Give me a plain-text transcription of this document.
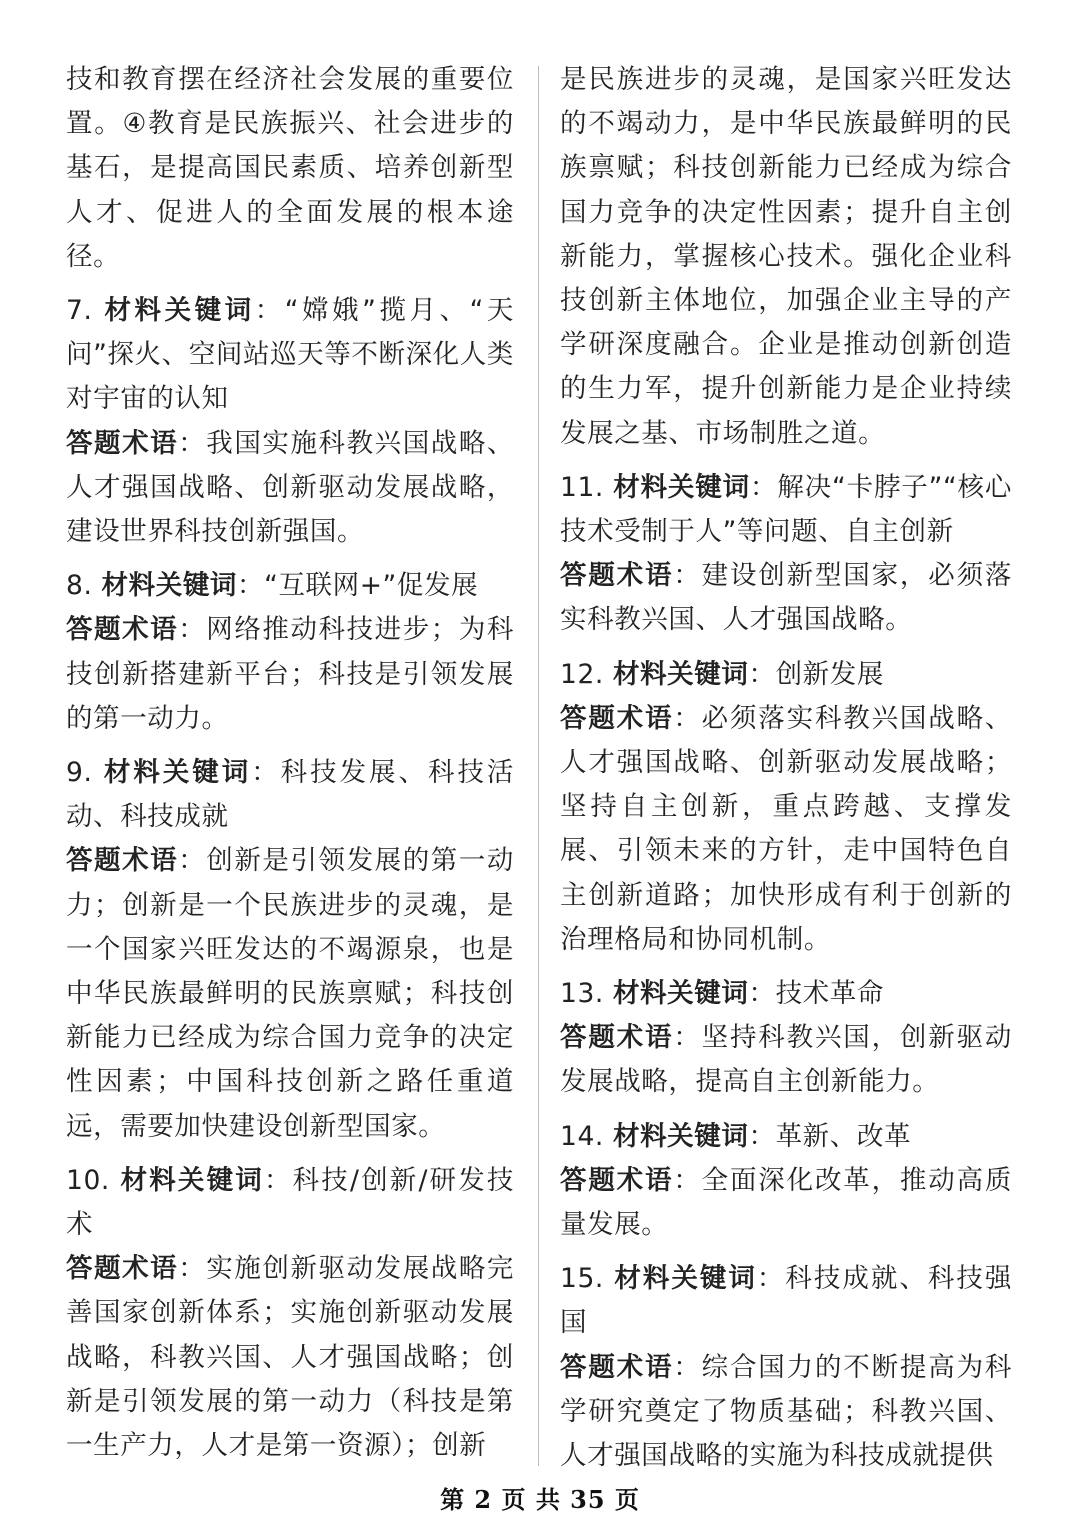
技和教育摆在经济社会发展的重要位置。④教育是民族振兴、社会进步的基石，是提高国民素质、培养创新型人才、促进人的全面发展的根本途径。

7. 材料关键词：“嫦娥”揽月、“天问”探火、空间站巡天等不断深化人类对宇宙的认知

答题术语：我国实施科教兴国战略、人才强国战略、创新驱动发展战略，建设世界科技创新强国。

8. 材料关键词：“互联网+”促发展

答题术语：网络推动科技进步；为科技创新搭建新平台；科技是引领发展的第一动力。

9. 材料关键词：科技发展、科技活动、科技成就

答题术语：创新是引领发展的第一动力；创新是一个民族进步的灵魂，是一个国家兴旺发达的不竭源泉，也是中华民族最鲜明的民族禀赋；科技创新能力已经成为综合国力竞争的决定性因素；中国科技创新之路任重道远，需要加快建设创新型国家。

10. 材料关键词：科技/创新/研发技术

答题术语：实施创新驱动发展战略完善国家创新体系；实施创新驱动发展战略，科教兴国、人才强国战略；创新是引领发展的第一动力（科技是第一生产力，人才是第一资源）；创新

是民族进步的灵魂，是国家兴旺发达的不竭动力，是中华民族最鲜明的民族禀赋；科技创新能力已经成为综合国力竞争的决定性因素；提升自主创新能力，掌握核心技术。强化企业科技创新主体地位，加强企业主导的产学研深度融合。企业是推动创新创造的生力军，提升创新能力是企业持续发展之基、市场制胜之道。

11. 材料关键词：解决“卡脖子”“核心技术受制于人”等问题、自主创新

答题术语：建设创新型国家，必须落实科教兴国、人才强国战略。

12. 材料关键词：创新发展

答题术语：必须落实科教兴国战略、人才强国战略、创新驱动发展战略；坚持自主创新，重点跨越、支撑发展、引领未来的方针，走中国特色自主创新道路；加快形成有利于创新的治理格局和协同机制。

13. 材料关键词：技术革命

答题术语：坚持科教兴国，创新驱动发展战略，提高自主创新能力。

14. 材料关键词：革新、改革

答题术语：全面深化改革，推动高质量发展。

15. 材料关键词：科技成就、科技强国

答题术语：综合国力的不断提高为科学研究奠定了物质基础；科教兴国、人才强国战略的实施为科技成就提供

第 2 页 共 35 页
